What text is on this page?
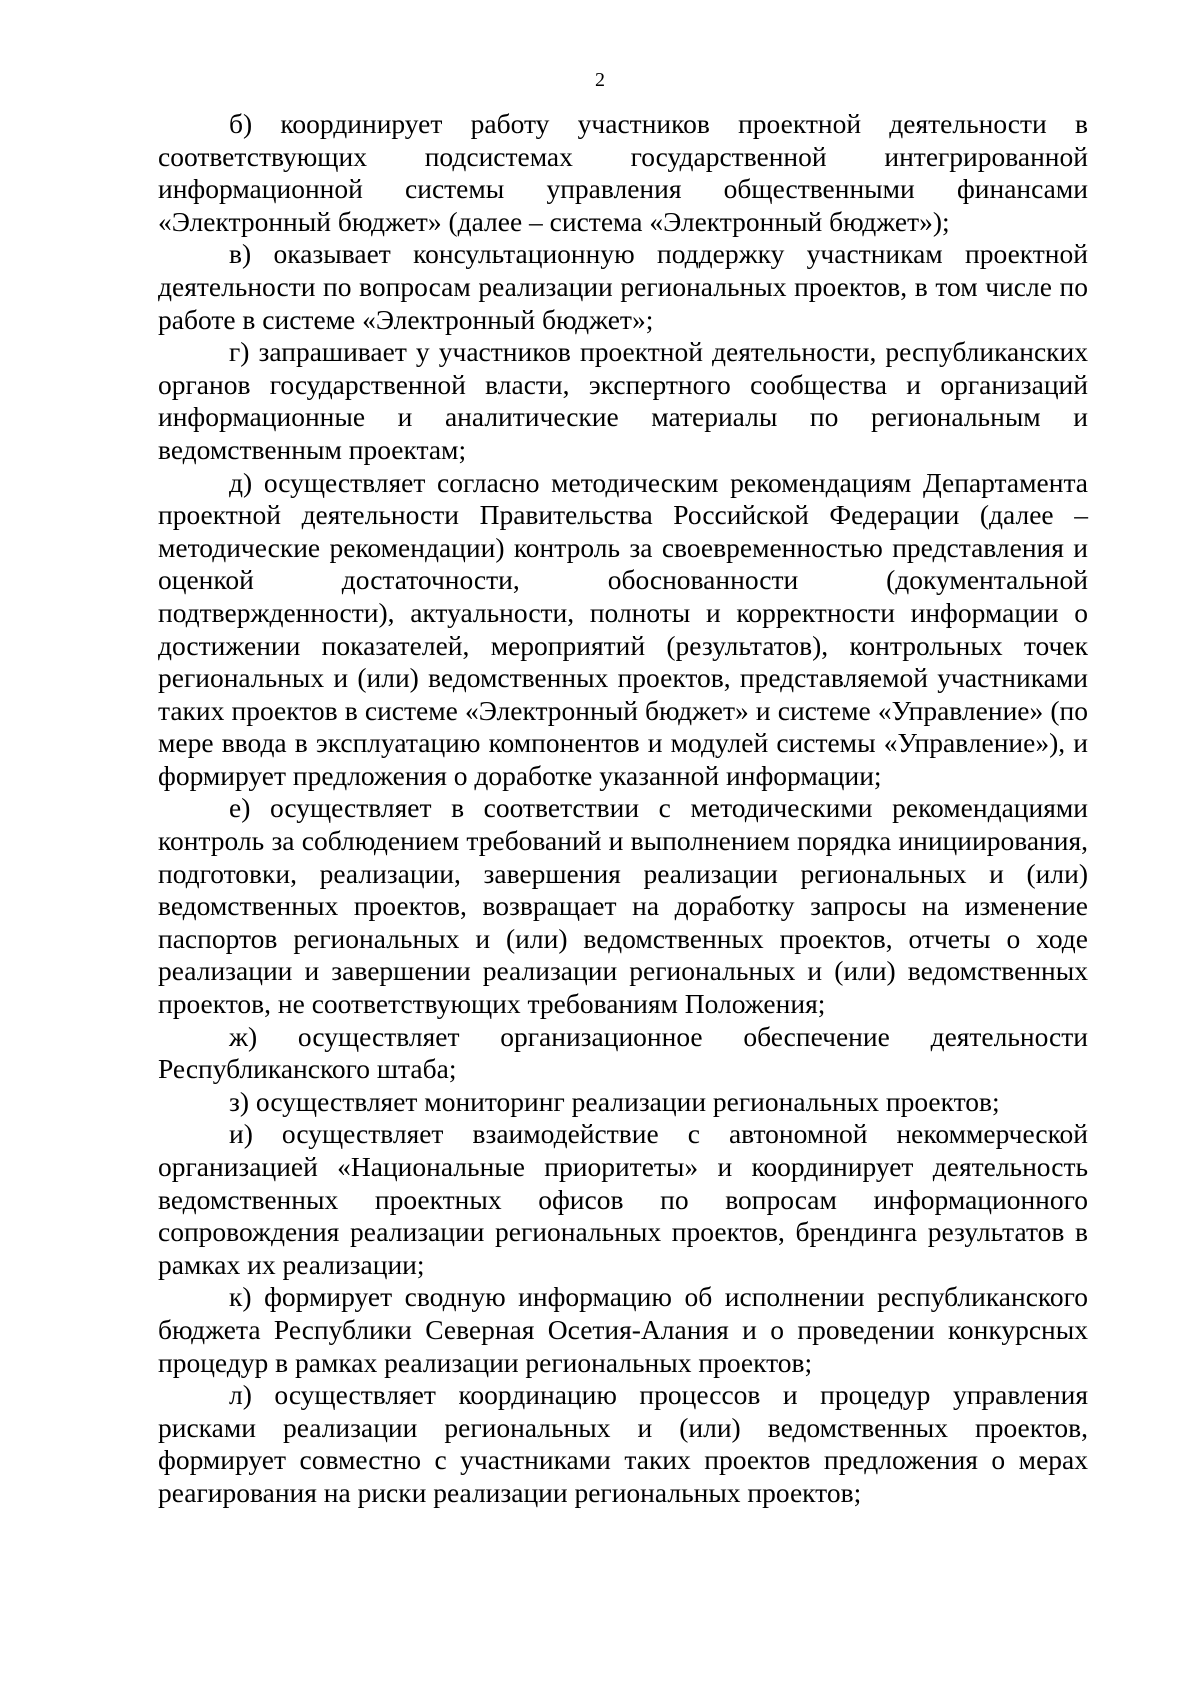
2

б) координирует работу участников проектной деятельности в соответствующих подсистемах государственной интегрированной информационной системы управления общественными финансами «Электронный бюджет» (далее – система «Электронный бюджет»);

в) оказывает консультационную поддержку участникам проектной деятельности по вопросам реализации региональных проектов, в том числе по работе в системе «Электронный бюджет»;

г) запрашивает у участников проектной деятельности, республиканских органов государственной власти, экспертного сообщества и организаций информационные и аналитические материалы по региональным и ведомственным проектам;

д) осуществляет согласно методическим рекомендациям Департамента проектной деятельности Правительства Российской Федерации (далее – методические рекомендации) контроль за своевременностью представления и оценкой достаточности, обоснованности (документальной подтвержденности), актуальности, полноты и корректности информации о достижении показателей, мероприятий (результатов), контрольных точек региональных и (или) ведомственных проектов, представляемой участниками таких проектов в системе «Электронный бюджет» и системе «Управление» (по мере ввода в эксплуатацию компонентов и модулей системы «Управление»), и формирует предложения о доработке указанной информации;

е) осуществляет в соответствии с методическими рекомендациями контроль за соблюдением требований и выполнением порядка инициирования, подготовки, реализации, завершения реализации региональных и (или) ведомственных проектов, возвращает на доработку запросы на изменение паспортов региональных и (или) ведомственных проектов, отчеты о ходе реализации и завершении реализации региональных и (или) ведомственных проектов, не соответствующих требованиям Положения;

ж) осуществляет организационное обеспечение деятельности Республиканского штаба;

з) осуществляет мониторинг реализации региональных проектов;

и) осуществляет взаимодействие с автономной некоммерческой организацией «Национальные приоритеты» и координирует деятельность ведомственных проектных офисов по вопросам информационного сопровождения реализации региональных проектов, брендинга результатов в рамках их реализации;

к) формирует сводную информацию об исполнении республиканского бюджета Республики Северная Осетия-Алания и о проведении конкурсных процедур в рамках реализации региональных проектов;

л) осуществляет координацию процессов и процедур управления рисками реализации региональных и (или) ведомственных проектов, формирует совместно с участниками таких проектов предложения о мерах реагирования на риски реализации региональных проектов;
